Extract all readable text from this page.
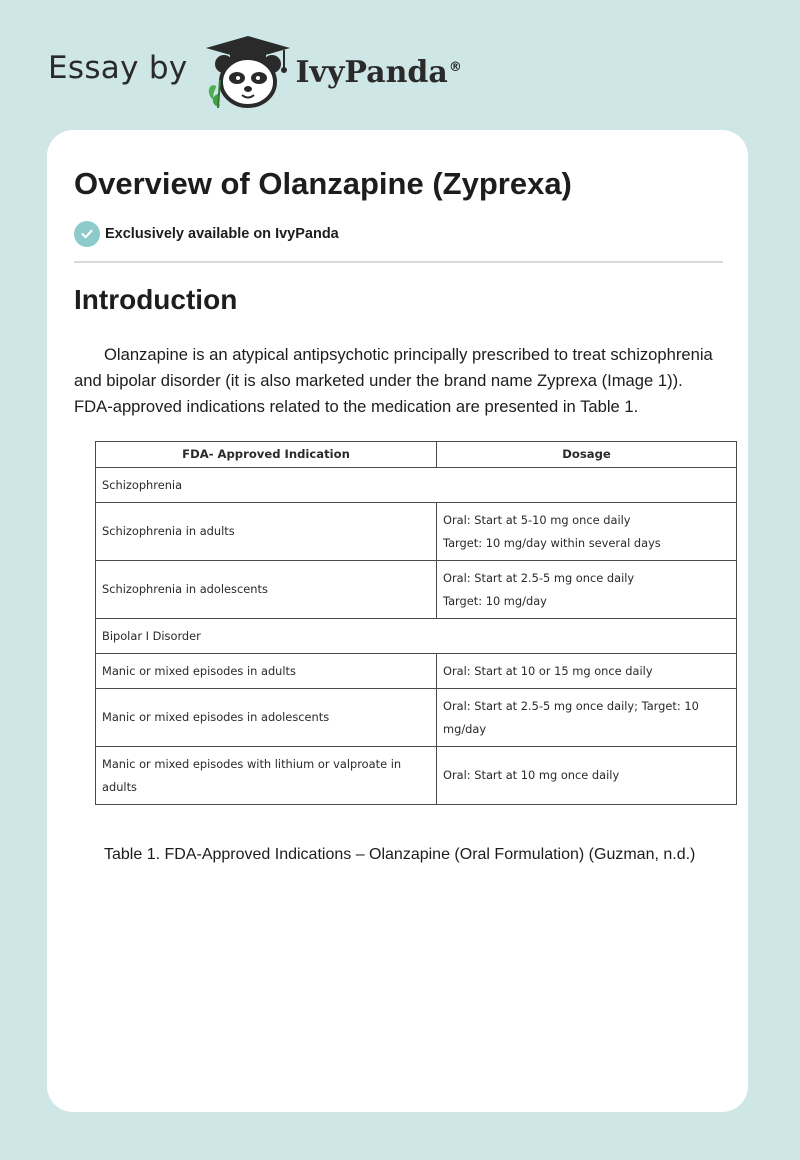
Essay by	IvyPanda®
Overview of Olanzapine (Zyprexa)
Exclusively available on IvyPanda
Introduction

Olanzapine is an atypical antipsychotic principally prescribed to treat schizophrenia and bipolar disorder (it is also marketed under the brand name Zyprexa (Image 1)). FDA-approved indications related to the medication are presented in Table 1.

FDA- Approved Indication	Dosage
Schizophrenia	
Schizophrenia in adults	Oral: Start at 5-10 mg once daily
Target: 10 mg/day within several days

Schizophrenia in adolescents	Oral: Start at 2.5-5 mg once daily
Target: 10 mg/day

Bipolar I Disorder	
Manic or mixed episodes in adults	Oral: Start at 10 or 15 mg once daily

Manic or mixed episodes in adolescents	Oral: Start at 2.5-5 mg once daily; Target: 10 mg/day

Manic or mixed episodes with lithium or valproate in adults	Oral: Start at 10 mg once daily

Table 1. FDA-Approved Indications – Olanzapine (Oral Formulation) (Guzman, n.d.)
